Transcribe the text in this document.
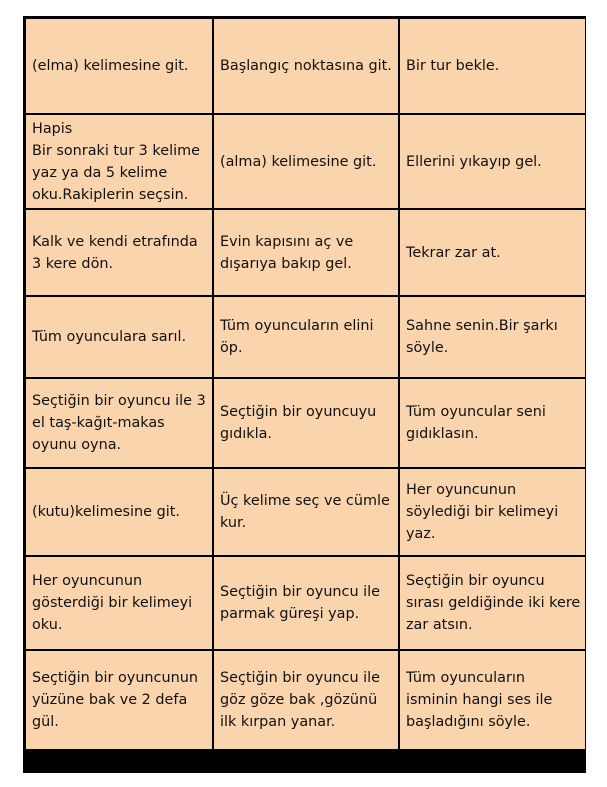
(elma) kelimesine git.	Başlangıç noktasına git. Bir tur bekle.
Hapis
Bir sonraki tur 3 kelime yaz ya da 5 kelime oku.Rakiplerin seçsin.
(alma) kelimesine git.	Ellerini yıkayıp gel.
Kalk ve kendi etrafında 3 kere dön.
Evin kapısını aç ve dışarıya bakıp gel.
Tekrar zar at.
Tüm oyunculara sarıl.
Tüm oyuncuların elini öp.
Sahne senin.Bir şarkı söyle.
Seçtiğin bir oyuncu ile 3 el taş-kağıt-makas oyunu oyna.
Seçtiğin bir oyuncuyu gıdıkla.
Tüm oyuncular seni gıdıklasın.
(kutu)kelimesine git.
Üç kelime seç ve cümle kur.
Her oyuncunun söylediği bir kelimeyi yaz.
Her oyuncunun gösterdiği bir kelimeyi oku.
Seçtiğin bir oyuncu ile parmak güreşi yap.
Seçtiğin bir oyuncu sırası geldiğinde iki kere zar atsın.
Seçtiğin bir oyuncunun yüzüne bak ve 2 defa gül.
Seçtiğin bir oyuncu ile göz göze bak ,gözünü ilk kırpan yanar.
Tüm oyuncuların isminin hangi ses ile başladığını söyle.
